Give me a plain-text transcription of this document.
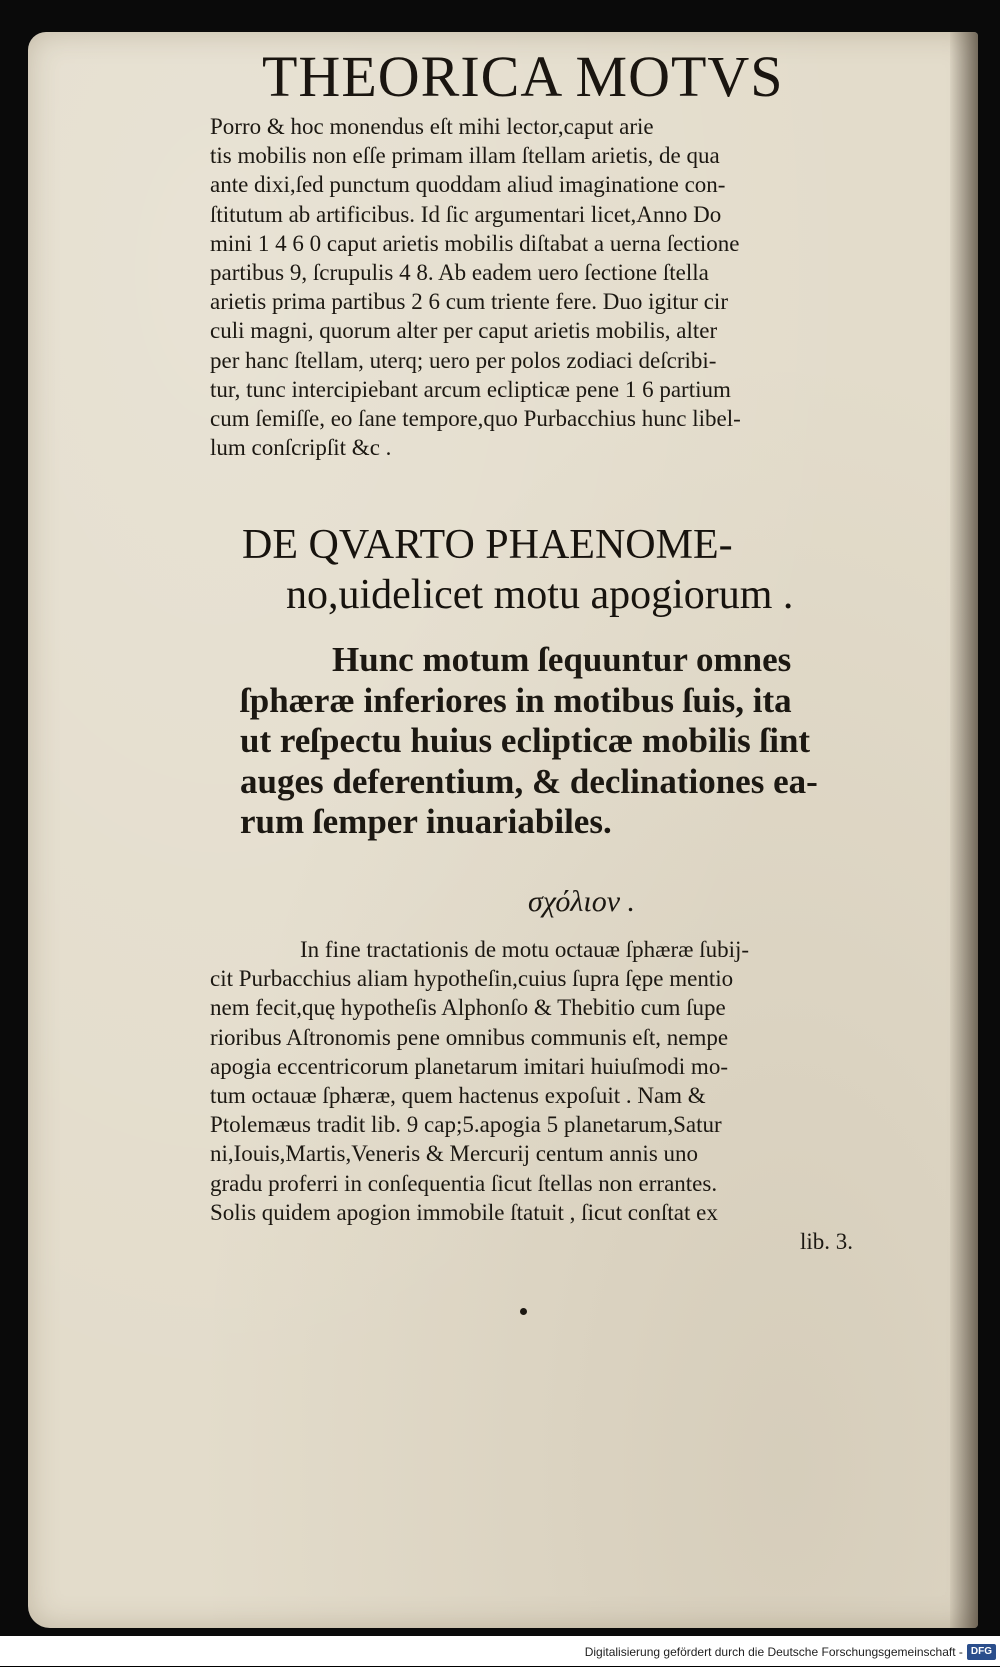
THEORICA MOTVS
Porro & hoc monendus eſt mihi lector,caput arie
tis mobilis non eſſe primam illam ſtellam arietis, de qua
ante dixi,ſed punctum quoddam aliud imaginatione con-
ſtitutum ab artificibus. Id ſic argumentari licet,Anno Do
mini 1 4 6 0 caput arietis mobilis diſtabat a uerna ſectione
partibus 9, ſcrupulis 4 8. Ab eadem uero ſectione ſtella
arietis prima partibus 2 6 cum triente fere. Duo igitur cir
culi magni, quorum alter per caput arietis mobilis, alter
per hanc ſtellam, uterq; uero per polos zodiaci deſcribi-
tur, tunc intercipiebant arcum eclipticæ pene 1 6 partium
cum ſemiſſe, eo ſane tempore,quo Purbacchius hunc libel-
lum conſcripſit &c .
DE QVARTO PHAENOME-
no,uidelicet motu apogiorum .
Hunc motum ſequuntur omnes
ſphæræ inferiores in motibus ſuis, ita
ut reſpectu huius eclipticæ mobilis ſint
auges deferentium, & declinationes ea-
rum ſemper inuariabiles.
σχόλιον .
In fine tractationis de motu octauæ ſphæræ ſubij-
cit Purbacchius aliam hypotheſin,cuius ſupra ſępe mentio
nem fecit,quę hypotheſis Alphonſo & Thebitio cum ſupe
rioribus Aſtronomis pene omnibus communis eſt, nempe
apogia eccentricorum planetarum imitari huiuſmodi mo-
tum octauæ ſphæræ, quem hactenus expoſuit . Nam &
Ptolemæus tradit lib. 9 cap;5.apogia 5 planetarum,Satur
ni,Iouis,Martis,Veneris & Mercurij centum annis uno
gradu proferri in conſequentia ſicut ſtellas non errantes.
Solis quidem apogion immobile ſtatuit , ſicut conſtat ex
lib. 3.
Digitalisierung gefördert durch die Deutsche Forschungsgemeinschaft - DFG
